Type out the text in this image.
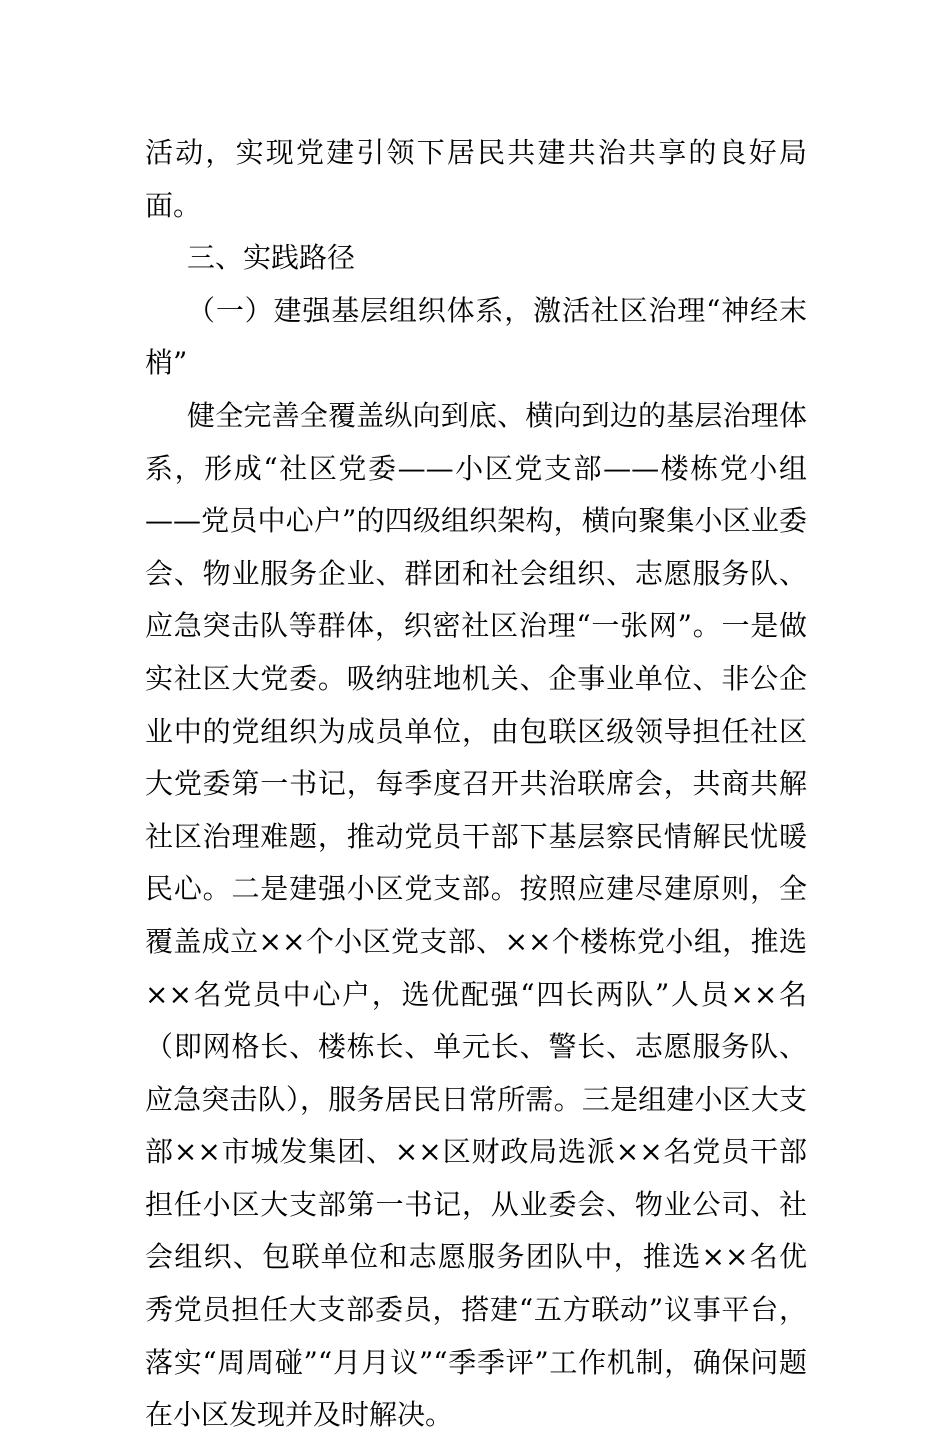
活动，实现党建引领下居民共建共治共享的良好局面。

三、实践路径

（一）建强基层组织体系，激活社区治理“神经末梢”

健全完善全覆盖纵向到底、横向到边的基层治理体系，形成“社区党委——小区党支部——楼栋党小组——党员中心户”的四级组织架构，横向聚集小区业委会、物业服务企业、群团和社会组织、志愿服务队、应急突击队等群体，织密社区治理“一张网”。一是做实社区大党委。吸纳驻地机关、企事业单位、非公企业中的党组织为成员单位，由包联区级领导担任社区大党委第一书记，每季度召开共治联席会，共商共解社区治理难题，推动党员干部下基层察民情解民忧暖民心。二是建强小区党支部。按照应建尽建原则，全覆盖成立××个小区党支部、××个楼栋党小组，推选××名党员中心户，选优配强“四长两队”人员××名（即网格长、楼栋长、单元长、警长、志愿服务队、应急突击队），服务居民日常所需。三是组建小区大支部××市城发集团、××区财政局选派××名党员干部担任小区大支部第一书记，从业委会、物业公司、社会组织、包联单位和志愿服务团队中，推选××名优秀党员担任大支部委员，搭建“五方联动”议事平台，落实“周周碰”“月月议”“季季评”工作机制，确保问题在小区发现并及时解决。
